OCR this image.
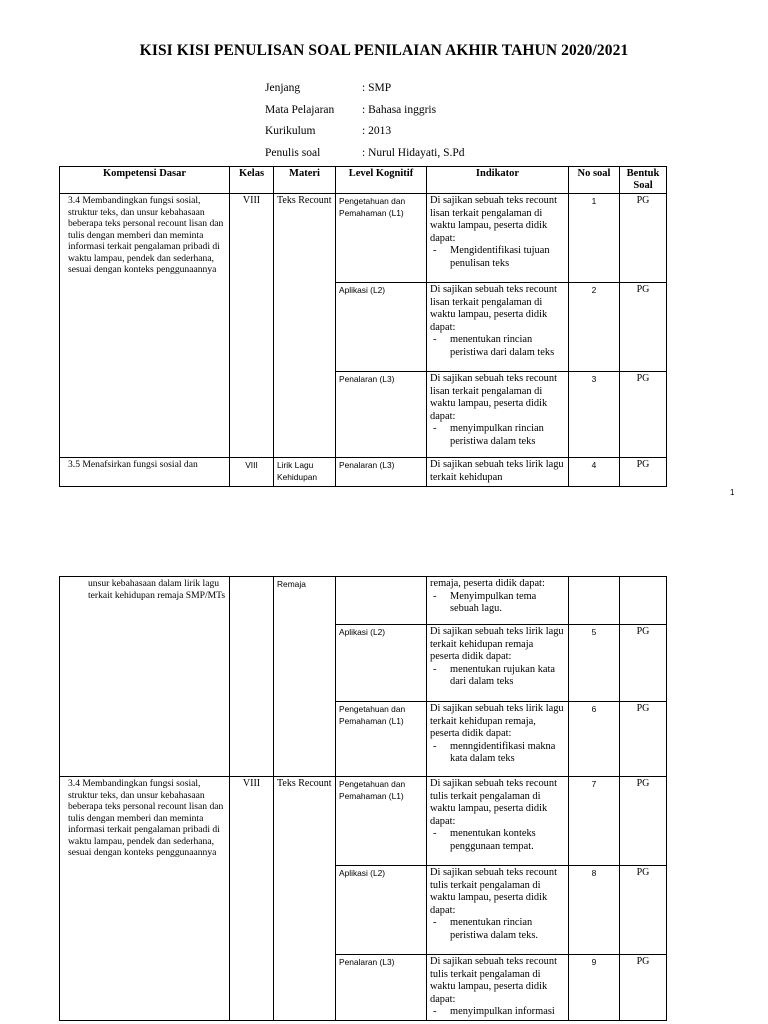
KISI KISI PENULISAN SOAL PENILAIAN AKHIR TAHUN 2020/2021
Jenjang	: SMP
Mata Pelajaran : Bahasa inggris
Kurikulum	: 2013
Penulis soal	: Nurul Hidayati, S.Pd
Kompetensi Dasar	Kelas	Materi	Level Kognitif	Indikator	No soal	Bentuk Soal
3.4 Membandingkan fungsi sosial, struktur teks, dan unsur kebahasaan beberapa teks personal recount lisan dan tulis dengan memberi dan meminta informasi terkait pengalaman pribadi di waktu lampau, pendek dan sederhana, sesuai dengan konteks penggunaannya	VIII	Teks Recount	Pengetahuan dan Pemahaman (L1)	Di sajikan sebuah teks recount lisan terkait pengalaman di waktu lampau, peserta didik dapat:
- Mengidentifikasi tujuan penulisan teks	1	PG
			Aplikasi (L2)	Di sajikan sebuah teks recount lisan terkait pengalaman di waktu lampau, peserta didik dapat:
- menentukan rincian peristiwa dari dalam teks	2	PG
			Penalaran (L3)	Di sajikan sebuah teks recount lisan terkait pengalaman di waktu lampau, peserta didik dapat:
- menyimpulkan rincian peristiwa dalam teks	3	PG
3.5 Menafsirkan fungsi sosial dan	VIII	Lirik Lagu Kehidupan	Penalaran (L3)	Di sajikan sebuah teks lirik lagu terkait kehidupan	4	PG
1
unsur kebahasaan dalam lirik lagu terkait kehidupan remaja SMP/MTs		Remaja		remaja, peserta didik dapat:
- Menyimpulkan tema sebuah lagu.

			Aplikasi (L2)	Di sajikan sebuah teks lirik lagu terkait kehidupan remaja peserta didik dapat:
- menentukan rujukan kata dari dalam teks	5	PG
			Pengetahuan dan Pemahaman (L1)	Di sajikan sebuah teks lirik lagu terkait kehidupan remaja, peserta didik dapat:
- menngidentifikasi makna kata dalam teks	6	PG
3.4 Membandingkan fungsi sosial, struktur teks, dan unsur kebahasaan beberapa teks personal recount lisan dan tulis dengan memberi dan meminta informasi terkait pengalaman pribadi di waktu lampau, pendek dan sederhana, sesuai dengan konteks penggunaannya	VIII	Teks Recount	Pengetahuan dan Pemahaman (L1)	Di sajikan sebuah teks recount tulis terkait pengalaman di waktu lampau, peserta didik dapat:
- menentukan konteks penggunaan tempat.	7	PG
			Aplikasi (L2)	Di sajikan sebuah teks recount tulis terkait pengalaman di waktu lampau, peserta didik dapat:
- menentukan rincian peristiwa dalam teks.	8	PG
			Penalaran (L3)	Di sajikan sebuah teks recount tulis terkait pengalaman di waktu lampau, peserta didik dapat:
- menyimpulkan informasi	9	PG
